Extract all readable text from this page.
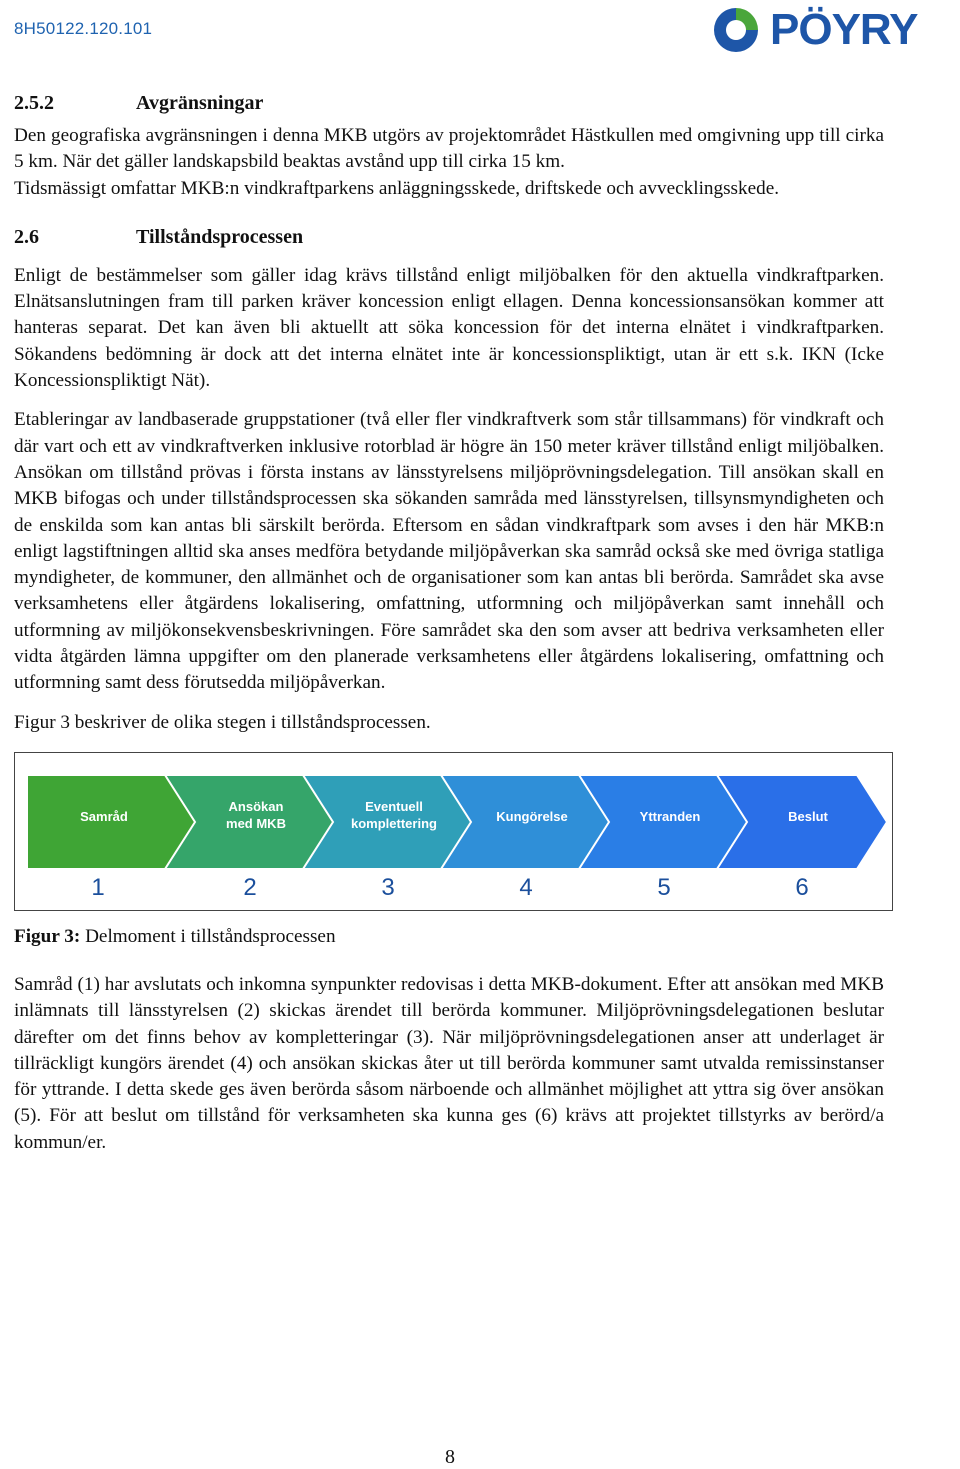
8H50122.120.101	PÖYRY
2.5.2	Avgränsningar

Den geografiska avgränsningen i denna MKB utgörs av projektområdet Hästkullen med omgivning upp till cirka 5 km. När det gäller landskapsbild beaktas avstånd upp till cirka 15 km.

Tidsmässigt omfattar MKB:n vindkraftparkens anläggningsskede, driftskede och avvecklingsskede.

2.6	Tillståndsprocessen

Enligt de bestämmelser som gäller idag krävs tillstånd enligt miljöbalken för den aktuella vindkraftparken. Elnätsanslutningen fram till parken kräver koncession enligt ellagen. Denna koncessionsansökan kommer att hanteras separat. Det kan även bli aktuellt att söka koncession för det interna elnätet i vindkraftparken. Sökandens bedömning är dock att det interna elnätet inte är koncessionspliktigt, utan är ett s.k. IKN (Icke Koncessionspliktigt Nät).

Etableringar av landbaserade gruppstationer (två eller fler vindkraftverk som står tillsammans) för vindkraft och där vart och ett av vindkraftverken inklusive rotorblad är högre än 150 meter kräver tillstånd enligt miljöbalken. Ansökan om tillstånd prövas i första instans av länsstyrelsens miljöprövningsdelegation. Till ansökan skall en MKB bifogas och under tillståndsprocessen ska sökanden samråda med länsstyrelsen, tillsynsmyndigheten och de enskilda som kan antas bli särskilt berörda. Eftersom en sådan vindkraftpark som avses i den här MKB:n enligt lagstiftningen alltid ska anses medföra betydande miljöpåverkan ska samråd också ske med övriga statliga myndigheter, de kommuner, den allmänhet och de organisationer som kan antas bli berörda. Samrådet ska avse verksamhetens eller åtgärdens lokalisering, omfattning, utformning och miljöpåverkan samt innehåll och utformning av miljökonsekvensbeskrivningen. Före samrådet ska den som avser att bedriva verksamheten eller vidta åtgärden lämna uppgifter om den planerade verksamhetens eller åtgärdens lokalisering, omfattning och utformning samt dess förutsedda miljöpåverkan.

Figur 3 beskriver de olika stegen i tillståndsprocessen.

Samråd
1
Ansökan
med MKB
2
Eventuell
komplettering
3
Kungörelse
4
Yttranden
5
Beslut
6
Figur 3: Delmoment i tillståndsprocessen

Samråd (1) har avslutats och inkomna synpunkter redovisas i detta MKB-dokument. Efter att ansökan med MKB inlämnats till länsstyrelsen (2) skickas ärendet till berörda kommuner. Miljöprövningsdelegationen beslutar därefter om det finns behov av kompletteringar (3). När miljöprövningsdelegationen anser att underlaget är tillräckligt kungörs ärendet (4) och ansökan skickas åter ut till berörda kommuner samt utvalda remissinstanser för yttrande. I detta skede ges även berörda såsom närboende och allmänhet möjlighet att yttra sig över ansökan (5). För att beslut om tillstånd för verksamheten ska kunna ges (6) krävs att projektet tillstyrks av berörd/a kommun/er.

8
